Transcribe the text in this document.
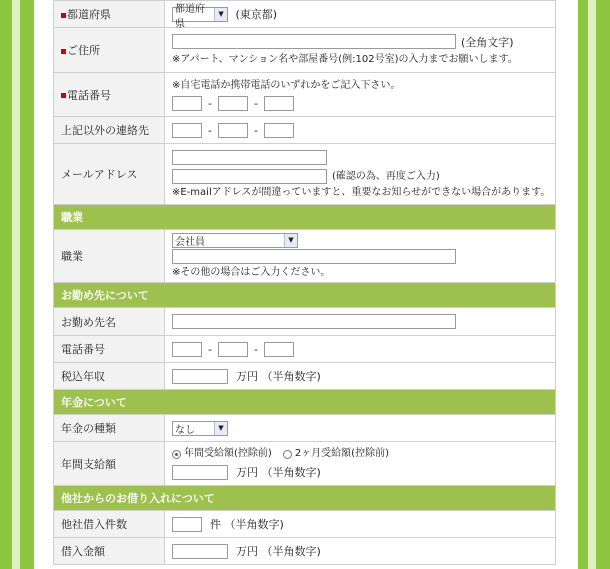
都道府県	都道府県
▼ (東京都)
ご住所	(全角文字)
※アパート、マンション名や部屋番号(例:102号室)の入力までお願いします。

電話番号	※自宅電話か携帯電話のいずれかをご記入下さい。
- -

上記以外の連絡先	- -

メールアドレス	(確認の為、再度ご入力)
※E-mailアドレスが間違っていますと、重要なお知らせができない場合があります。

職業	
職業	会社員 ▼
※その他の場合はご入力ください。

お勤め先について	
お勤め先名	
電話番号	- -

税込年収	万円 （半角数字)

年金について	
年金の種類	なし ▼

年間支給額	年間受給額(控除前) 2ヶ月受給額(控除前)
万円 （半角数字)

他社からのお借り入れについて	
他社借入件数	件 （半角数字)

借入金額	万円 （半角数字)
